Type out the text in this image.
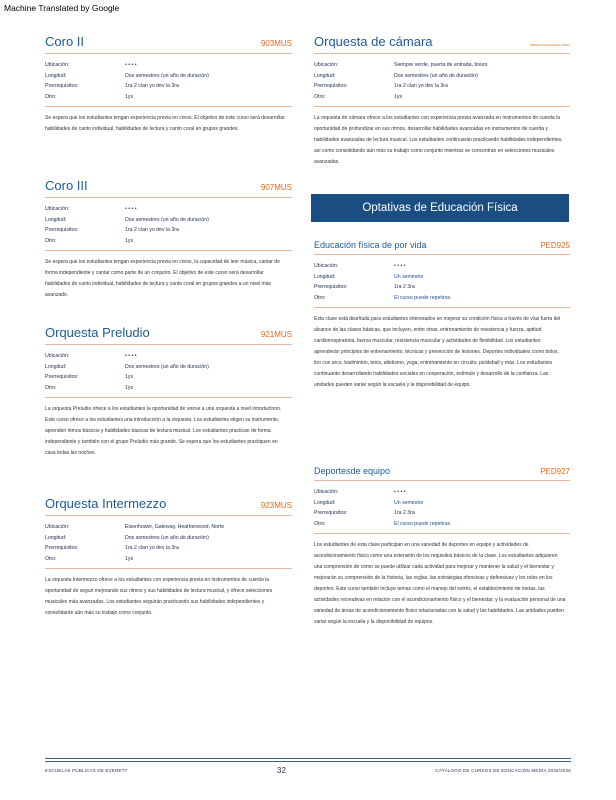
Machine Translated by Google
Coro II	903MUS
Ubicación:	• • • •
Longitud:	Dos semestres (un año de duración)
Prerrequisitos:	1ra 2 clan yo dev la 3ra
Otro:	1ys

Se espera que los estudiantes tengan experiencia previa en coros. El objetivo de este curso será desarrollar habilidades de canto individual, habilidades de lectura y canto coral en grupos grandes.

Coro III	907MUS
Ubicación:	• • • •
Longitud:	Dos semestres (un año de duración)
Prerrequisitos:	1ra 2 clan yo dev la 3ra
Otro:	1ys

Se espera que los estudiantes tengan experiencia previa en coros, la capacidad de leer música, cantar de forma independiente y cantar como parte de un conjunto. El objetivo de este curso será desarrollar habilidades de canto individual, habilidades de lectura y canto coral en grupos grandes a un nivel más avanzado.

Orquesta Preludio	921MUS
Ubicación:	• • • •
Longitud:	Dos semestres (un año de duración)
Prerrequisitos:	1ys
Otro:	1ys

La orquesta Preludio ofrece a los estudiantes la oportunidad de unirse a una orquesta a nivel introductorio. Este curso ofrece a los estudiantes una introducción a la orquesta. Los estudiantes eligen su instrumento, aprenden ritmos básicos y habilidades básicas de lectura musical. Los estudiantes practican de forma independiente y también con el grupo Preludio más grande. Se espera que los estudiantes practiquen en casa todas las noches.

Orquesta Intermezzo	923MUS
Ubicación:	Eisenhower, Gateway, Heatherwood, Norte
Longitud:	Dos semestres (un año de duración)
Prerrequisitos:	1ra 2 clan yo dev la 3ra
Otro:	1ys

La orquesta Intermezzo ofrece a los estudiantes con experiencia previa en instrumentos de cuerda la oportunidad de seguir mejorando sus ritmos y sus habilidades de lectura musical, y ofrece selecciones musicales más avanzadas. Los estudiantes seguirán practicando sus habilidades independientes y consolidarán aún más su trabajo como conjunto.

Orquesta de cámara	905MUS·CATEGORÍA·NIVEL
Ubicación:	Siempre verde, puerta de entrada, brezo
Longitud:	Dos semestres (un año de duración)
Prerrequisitos:	1ra 2 clan yo dev la 3ra
Otro:	1ys

La orquesta de cámara ofrece a los estudiantes con experiencia previa avanzada en instrumentos de cuerda la oportunidad de profundizar en sus ritmos, desarrollar habilidades avanzadas en instrumentos de cuerda y habilidades avanzadas de lectura musical. Los estudiantes continuarán practicando habilidades independientes, así como consolidando aún más su trabajo como conjunto mientras se concentran en selecciones musicales avanzadas.

Optativas de Educación Física
Educación física de por vida	PED925
Ubicación:	• • • •
Longitud:	Un semestre
Prerrequisitos:	1ra 2 3ra
Otro:	El curso puede repetirse.

Esta clase está diseñada para estudiantes interesados en mejorar su condición física a través de vías fuera del alcance de las clases básicas, que incluyen, entre otras, entrenamiento de resistencia y fuerza, aptitud cardiorrespiratoria, fuerza muscular, resistencia muscular y actividades de flexibilidad. Los estudiantes aprenderán principios de entrenamiento, técnicas y prevención de lesiones. Deportes individuales como bolos, tiro con arco, bádminton, tenis, atletismo, yoga, entrenamiento en circuito, pickleball y más. Los estudiantes continuarán desarrollando habilidades sociales en cooperación, estímulo y desarrollo de la confianza. Las unidades pueden variar según la escuela y la disponibilidad de equipo.

Deportesde equipo	PED927
Ubicación:	• • • •
Longitud:	Un semestre
Prerrequisitos:	1ra 2 3ra
Otro:	El curso puede repetirse.

Los estudiantes de esta clase participan en una variedad de deportes en equipo y actividades de acondicionamiento físico como una extensión de los requisitos básicos de la clase. Los estudiantes adquieren una comprensión de cómo se puede utilizar cada actividad para mejorar y mantener la salud y el bienestar y mejorarán su comprensión de la historia, las reglas, las estrategias ofensivas y defensivas y los roles en los deportes. Este curso también incluye temas como el manejo del estrés, el establecimiento de metas, las actividades recreativas en relación con el acondicionamiento físico y el bienestar, y la evaluación personal de una variedad de áreas de acondicionamiento físico relacionadas con la salud y las habilidades. Las unidades pueden variar según la escuela y la disponibilidad de equipos.

ESCUELAS PÚBLICAS DE EVERETT	32	CATÁLOGO DE CURSOS DE EDUCACIÓN MEDIA 2025/2026
